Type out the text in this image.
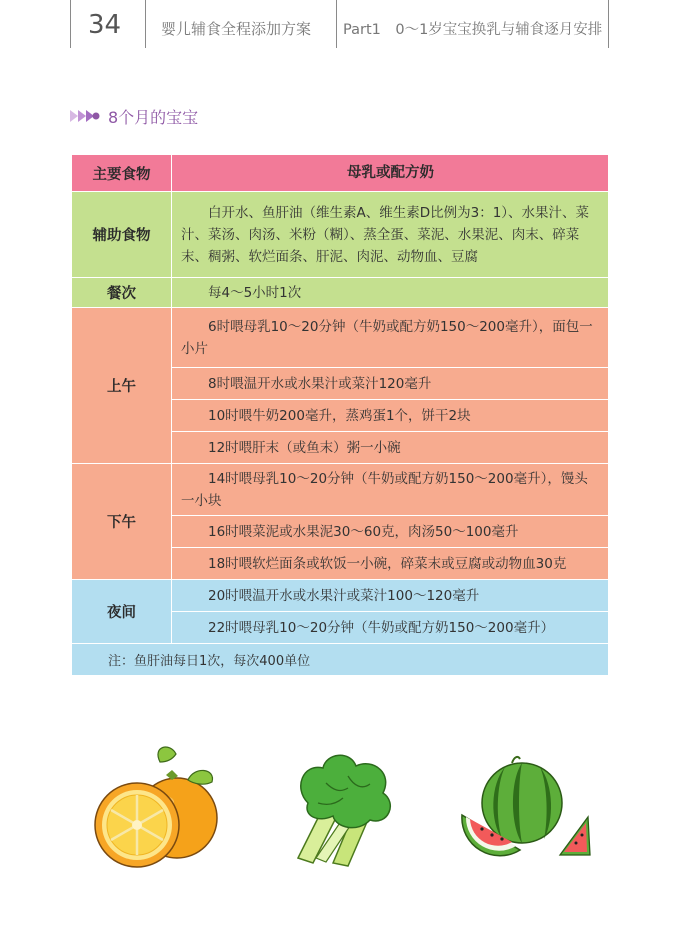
34	婴儿辅食全程添加方案 Part1　0～1岁宝宝换乳与辅食逐月安排
8个月的宝宝
主要食物	母乳或配方奶
辅助食物	白开水、鱼肝油（维生素A、维生素D比例为3：1）、水果汁、菜汁、菜汤、肉汤、米粉（糊）、蒸全蛋、菜泥、水果泥、肉末、碎菜末、稠粥、软烂面条、肝泥、肉泥、动物血、豆腐
餐次	每4～5小时1次
上午	6时喂母乳10～20分钟（牛奶或配方奶150～200毫升），面包一小片
	8时喂温开水或水果汁或菜汁120毫升
	10时喂牛奶200毫升，蒸鸡蛋1个，饼干2块
	12时喂肝末（或鱼末）粥一小碗
下午	14时喂母乳10～20分钟（牛奶或配方奶150～200毫升），馒头一小块
	16时喂菜泥或水果泥30～60克，肉汤50～100毫升
	18时喂软烂面条或软饭一小碗，碎菜末或豆腐或动物血30克
夜间	20时喂温开水或水果汁或菜汁100～120毫升
	22时喂母乳10～20分钟（牛奶或配方奶150～200毫升）
注：鱼肝油每日1次，每次400单位	
